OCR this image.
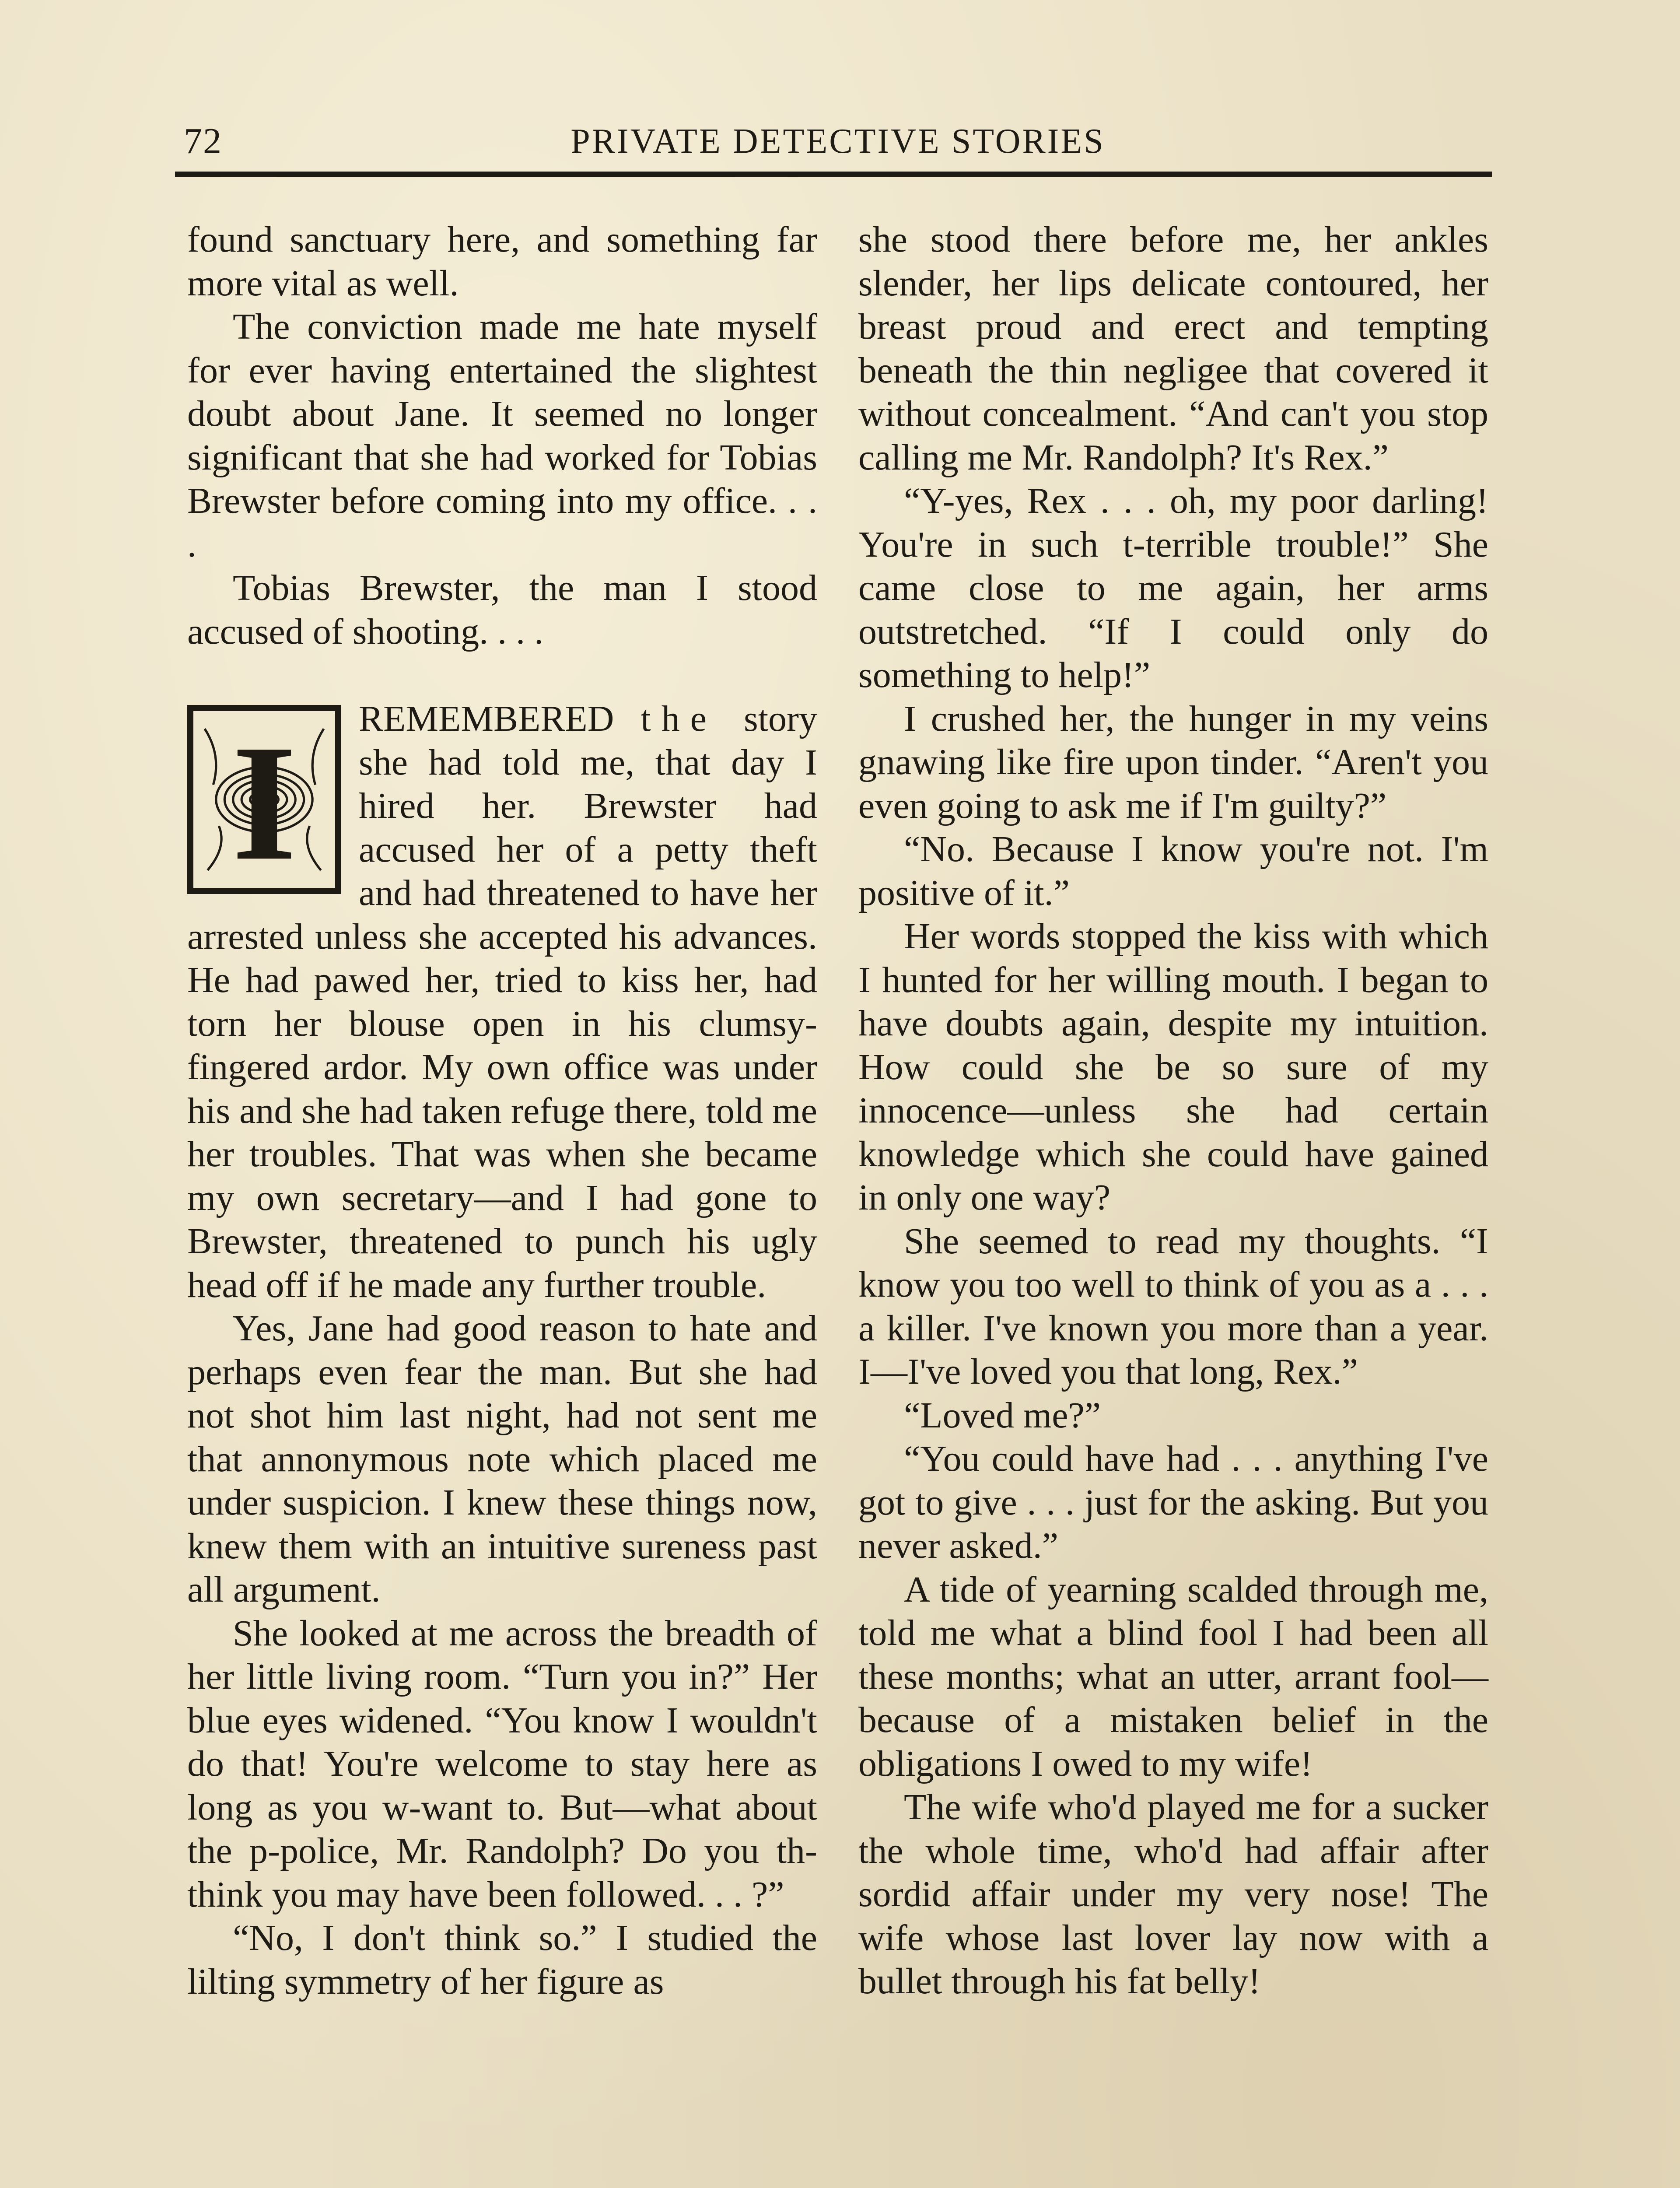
72	PRIVATE DETECTIVE STORIES

found sanctuary here, and something far more vital as well.

The conviction made me hate myself for ever having entertained the slightest doubt about Jane. It seemed no longer significant that she had worked for Tobias Brewster before coming into my office. . . .

Tobias Brewster, the man I stood accused of shooting. . . .

I	REMEMBERED the story she had told me, that day I hired her. Brewster had accused her of a petty theft and had threatened to have her arrested unless she accepted his advances. He had pawed her, tried to kiss her, had torn her blouse open in his clumsy-fingered ardor. My own office was under his and she had taken refuge there, told me her troubles. That was when she became my own secretary—and I had gone to Brewster, threatened to punch his ugly head off if he made any further trouble.

Yes, Jane had good reason to hate and perhaps even fear the man. But she had not shot him last night, had not sent me that annonymous note which placed me under suspicion. I knew these things now, knew them with an intuitive sureness past all argument.

She looked at me across the breadth of her little living room. “Turn you in?” Her blue eyes widened. “You know I wouldn't do that! You're welcome to stay here as long as you w-want to. But—what about the p-police, Mr. Randolph? Do you th-think you may have been followed. . . ?”

“No, I don't think so.” I studied the lilting symmetry of her figure as

she stood there before me, her ankles slender, her lips delicate contoured, her breast proud and erect and tempting beneath the thin negligee that covered it without concealment. “And can't you stop calling me Mr. Randolph? It's Rex.”

“Y-yes, Rex . . . oh, my poor darling! You're in such t-terrible trouble!” She came close to me again, her arms outstretched. “If I could only do something to help!”

I crushed her, the hunger in my veins gnawing like fire upon tinder. “Aren't you even going to ask me if I'm guilty?”

“No. Because I know you're not. I'm positive of it.”

Her words stopped the kiss with which I hunted for her willing mouth. I began to have doubts again, despite my intuition. How could she be so sure of my innocence—unless she had certain knowledge which she could have gained in only one way?

She seemed to read my thoughts. “I know you too well to think of you as a . . . a killer. I've known you more than a year. I—I've loved you that long, Rex.”

“Loved me?”

“You could have had . . . anything I've got to give . . . just for the asking. But you never asked.”

A tide of yearning scalded through me, told me what a blind fool I had been all these months; what an utter, arrant fool—because of a mistaken belief in the obligations I owed to my wife!

The wife who'd played me for a sucker the whole time, who'd had affair after sordid affair under my very nose! The wife whose last lover lay now with a bullet through his fat belly!
